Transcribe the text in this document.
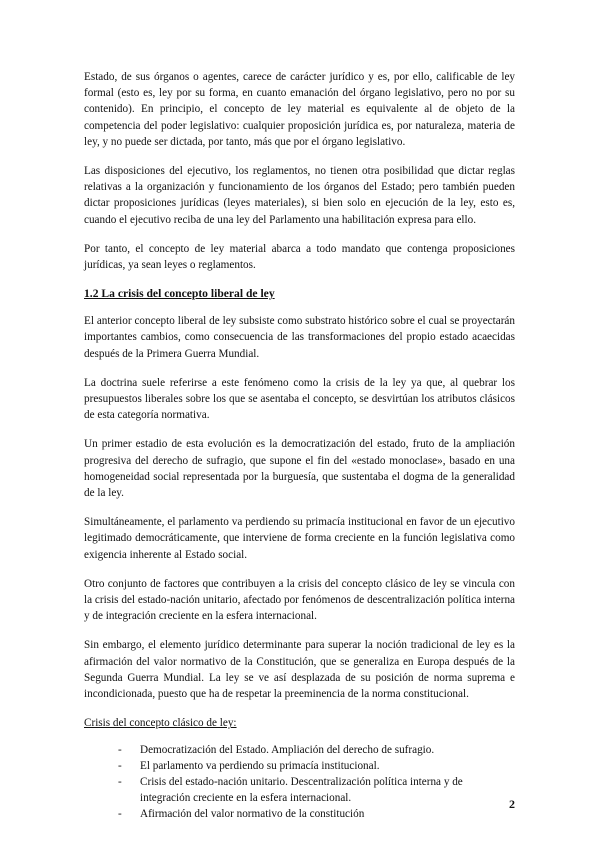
Estado, de sus órganos o agentes, carece de carácter jurídico y es, por ello, calificable de ley formal (esto es, ley por su forma, en cuanto emanación del órgano legislativo, pero no por su contenido). En principio, el concepto de ley material es equivalente al de objeto de la competencia del poder legislativo: cualquier proposición jurídica es, por naturaleza, materia de ley, y no puede ser dictada, por tanto, más que por el órgano legislativo.

Las disposiciones del ejecutivo, los reglamentos, no tienen otra posibilidad que dictar reglas relativas a la organización y funcionamiento de los órganos del Estado; pero también pueden dictar proposiciones jurídicas (leyes materiales), si bien solo en ejecución de la ley, esto es, cuando el ejecutivo reciba de una ley del Parlamento una habilitación expresa para ello.

Por tanto, el concepto de ley material abarca a todo mandato que contenga proposiciones jurídicas, ya sean leyes o reglamentos.

1.2 La crisis del concepto liberal de ley

El anterior concepto liberal de ley subsiste como substrato histórico sobre el cual se proyectarán importantes cambios, como consecuencia de las transformaciones del propio estado acaecidas después de la Primera Guerra Mundial.

La doctrina suele referirse a este fenómeno como la crisis de la ley ya que, al quebrar los presupuestos liberales sobre los que se asentaba el concepto, se desvirtúan los atributos clásicos de esta categoría normativa.

Un primer estadio de esta evolución es la democratización del estado, fruto de la ampliación progresiva del derecho de sufragio, que supone el fin del «estado monoclase», basado en una homogeneidad social representada por la burguesía, que sustentaba el dogma de la generalidad de la ley.

Simultáneamente, el parlamento va perdiendo su primacía institucional en favor de un ejecutivo legitimado democráticamente, que interviene de forma creciente en la función legislativa como exigencia inherente al Estado social.

Otro conjunto de factores que contribuyen a la crisis del concepto clásico de ley se vincula con la crisis del estado-nación unitario, afectado por fenómenos de descentralización política interna y de integración creciente en la esfera internacional.

Sin embargo, el elemento jurídico determinante para superar la noción tradicional de ley es la afirmación del valor normativo de la Constitución, que se generaliza en Europa después de la Segunda Guerra Mundial. La ley se ve así desplazada de su posición de norma suprema e incondicionada, puesto que ha de respetar la preeminencia de la norma constitucional.

Crisis del concepto clásico de ley:
- Democratización del Estado. Ampliación del derecho de sufragio.
- El parlamento va perdiendo su primacía institucional.
- Crisis del estado-nación unitario. Descentralización política interna y de integración creciente en la esfera internacional.
- Afirmación del valor normativo de la constitución
2
